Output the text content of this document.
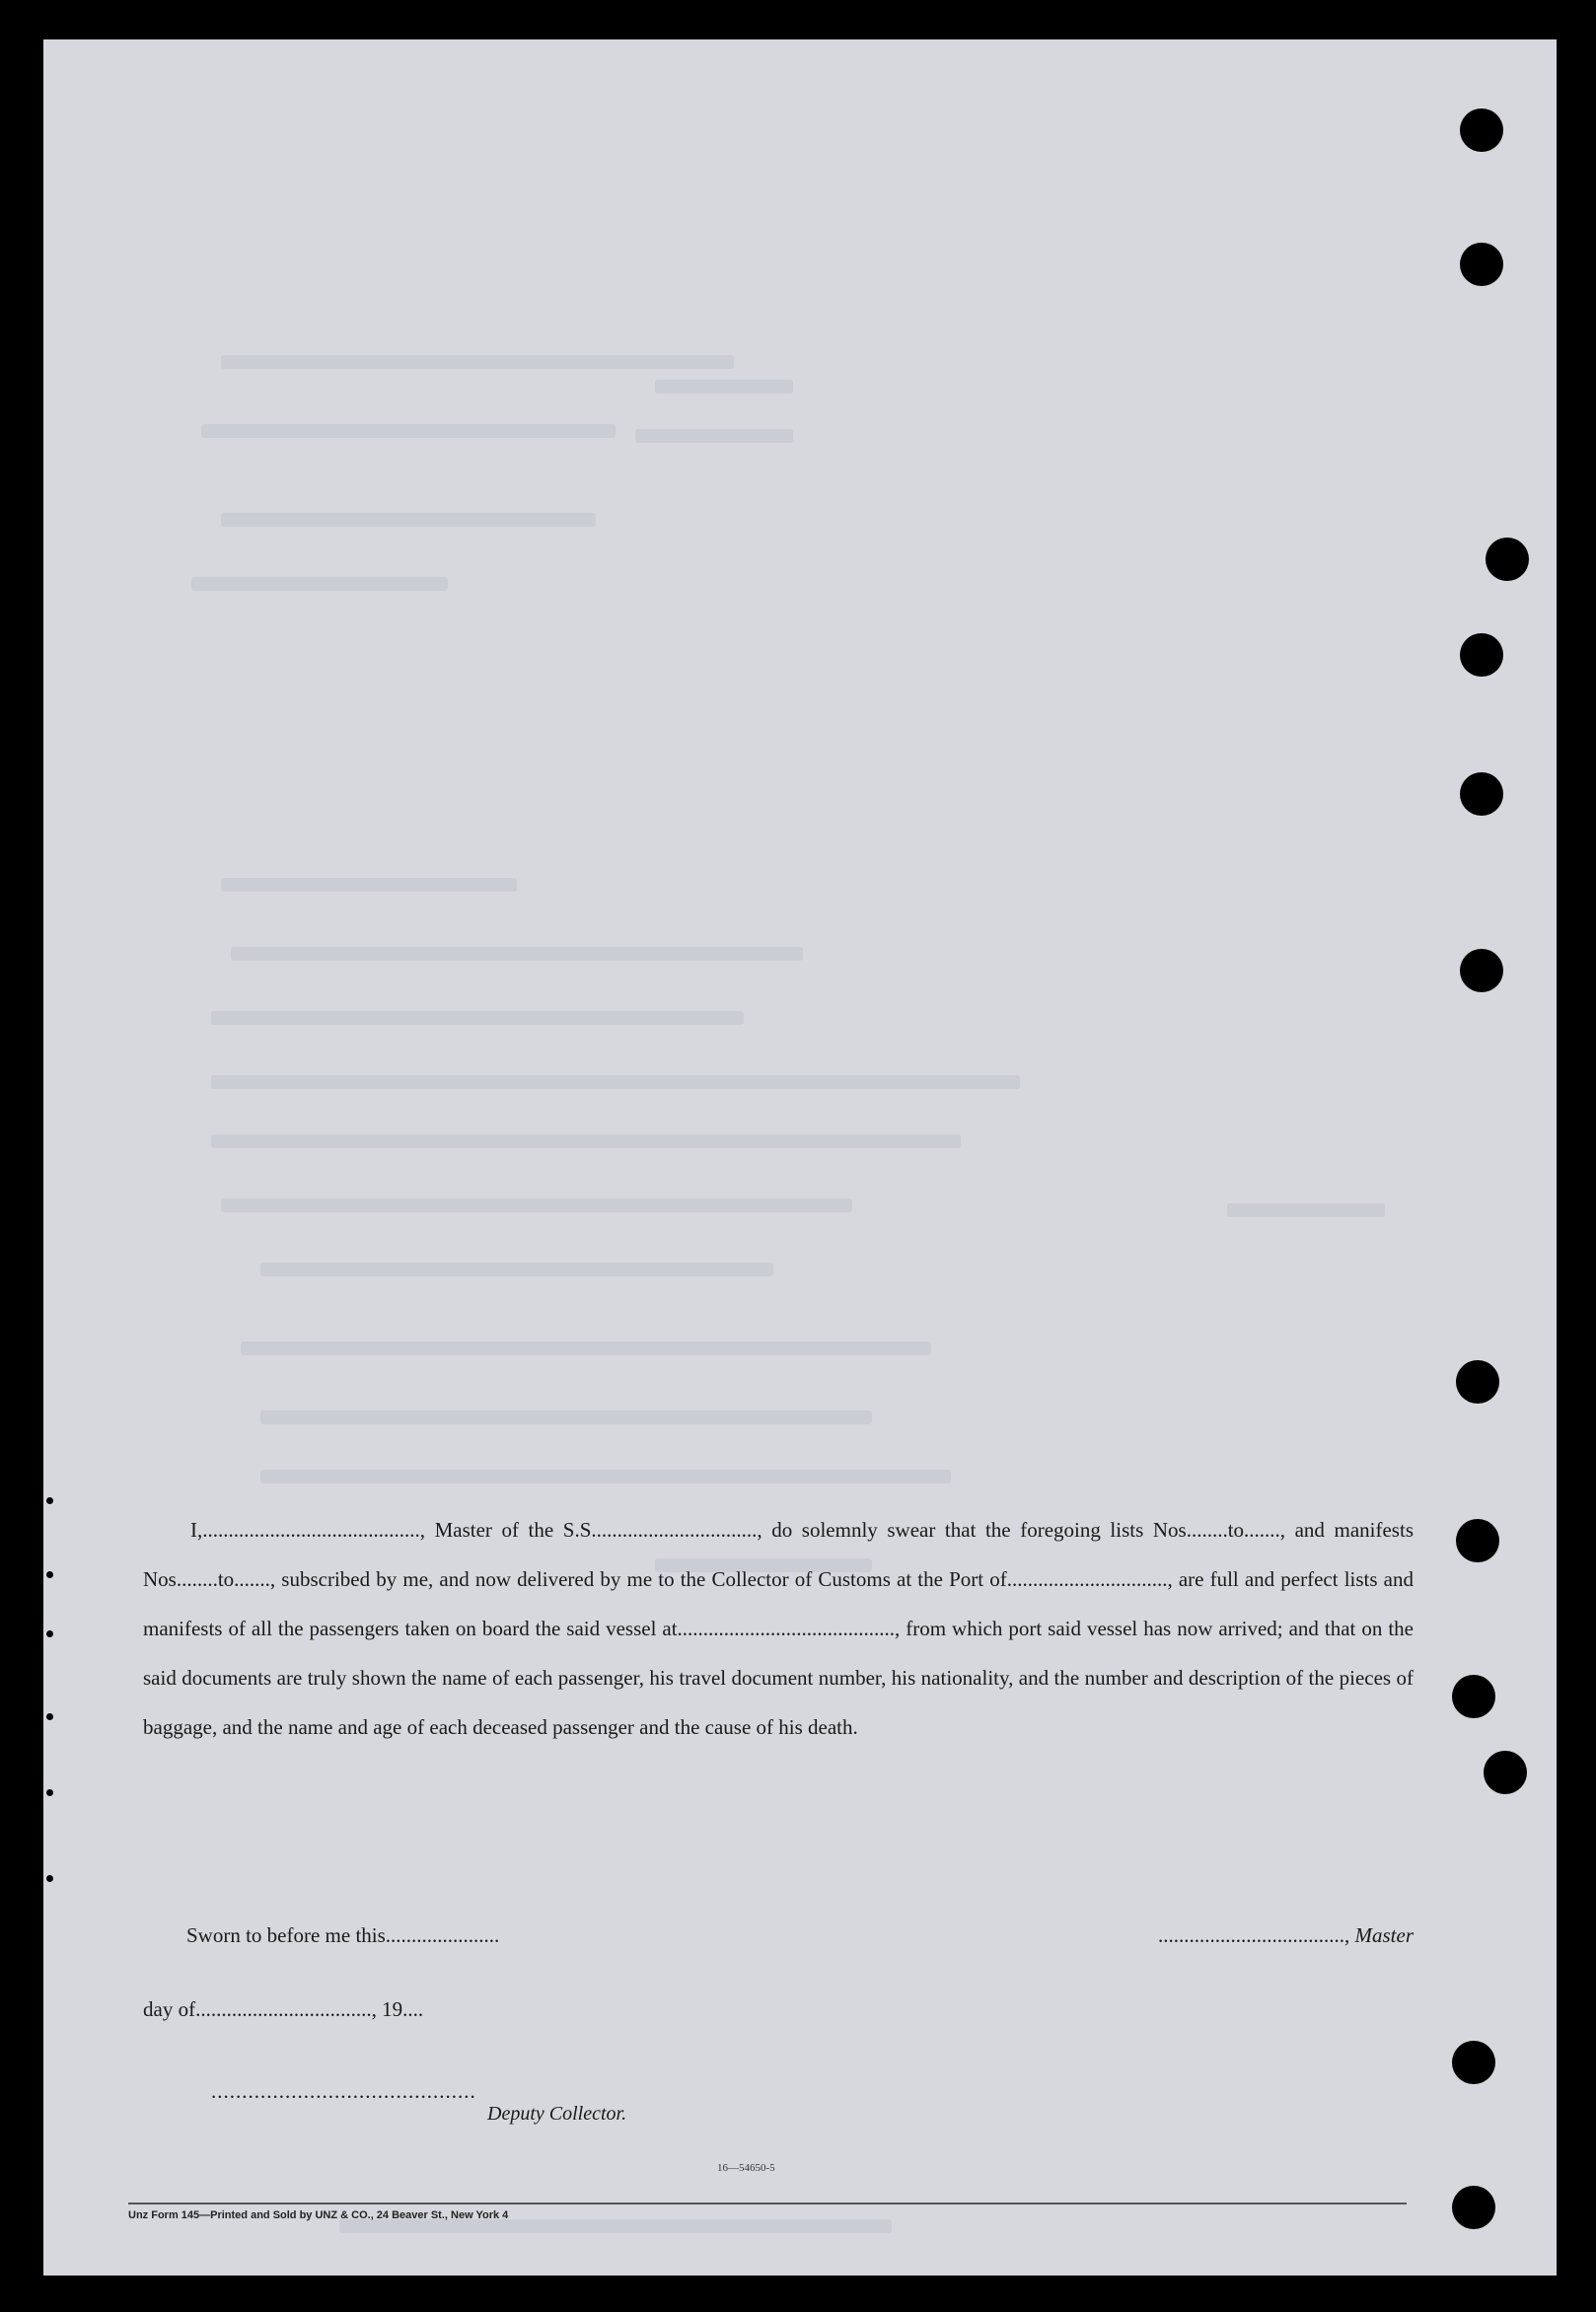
I,.........................................., Master of the S.S................................, do solemnly swear that the foregoing lists Nos........to......., and manifests Nos........to......., subscribed by me, and now delivered by me to the Collector of Customs at the Port of..............................., are full and perfect lists and manifests of all the passengers taken on board the said vessel at.........................................., from which port said vessel has now arrived; and that on the said documents are truly shown the name of each passenger, his travel document number, his nationality, and the number and description of the pieces of baggage, and the name and age of each deceased passenger and the cause of his death.

Sworn to before me this......................	...................................., Master
day of.................................., 19....
...........................................
Deputy Collector.
16—54650-5
Unz Form 145—Printed and Sold by UNZ & CO., 24 Beaver St., New York 4
